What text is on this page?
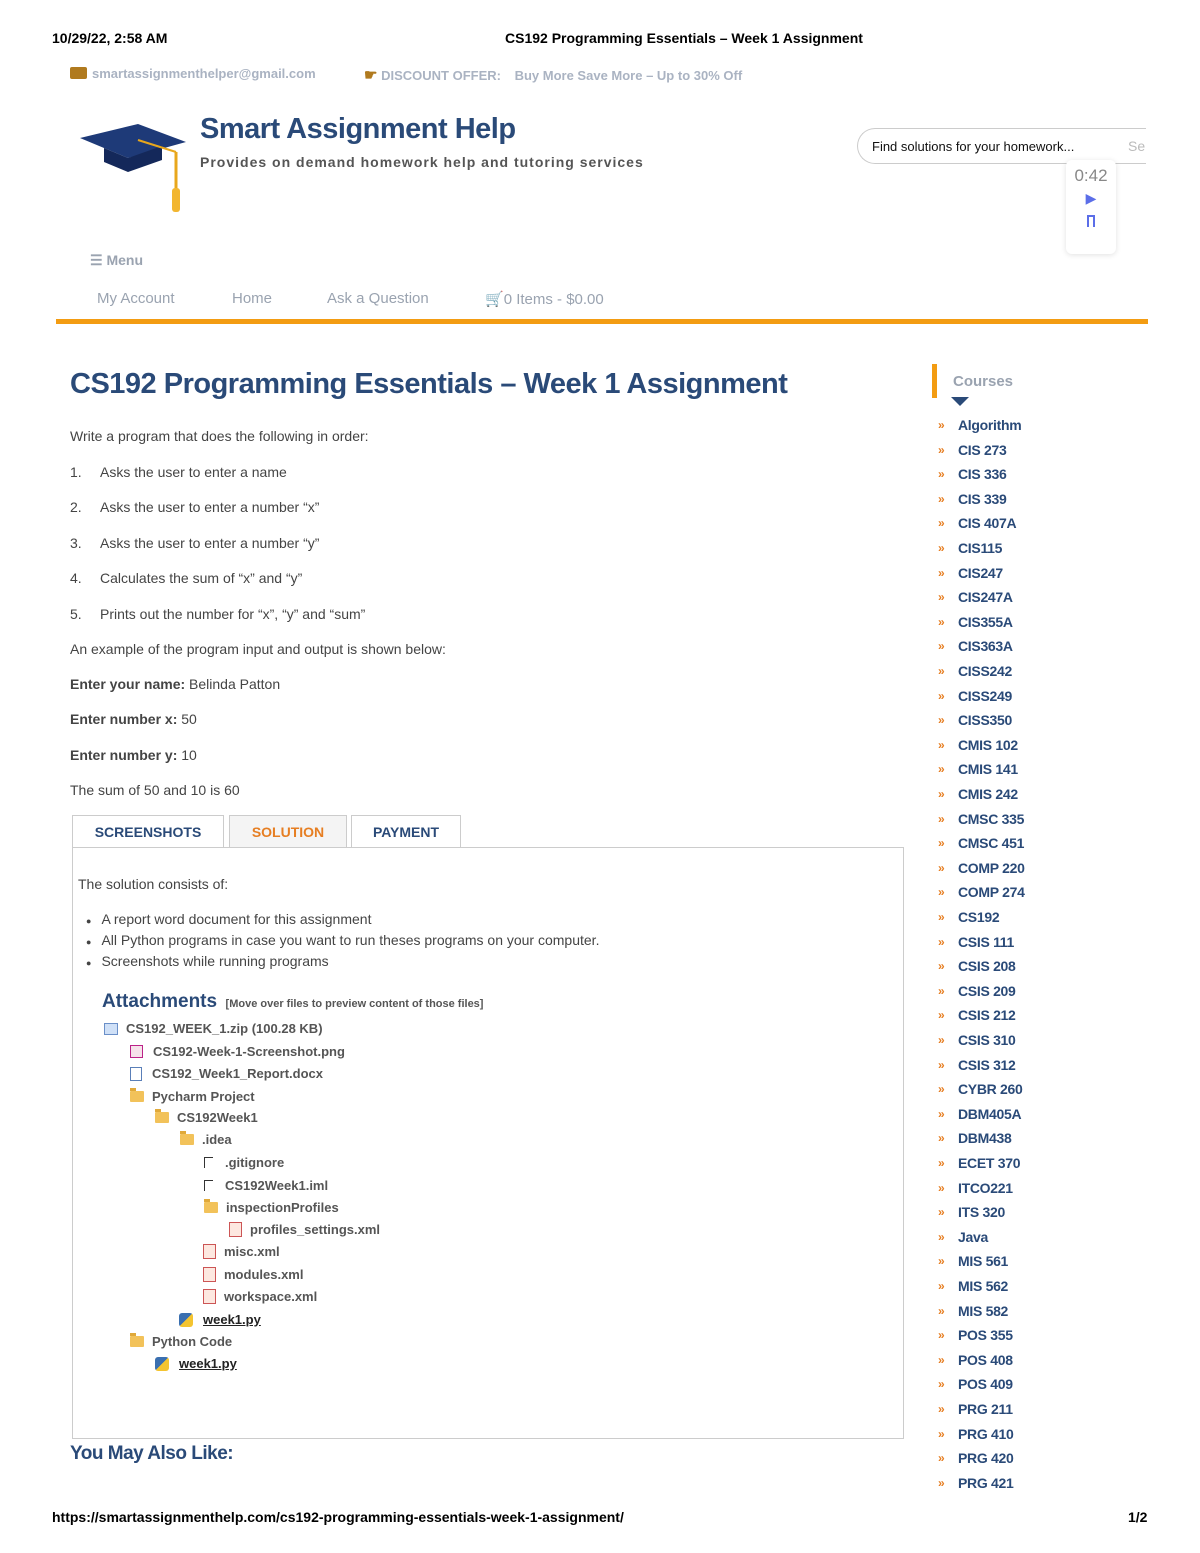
10/29/22, 2:58 AM	CS192 Programming Essentials – Week 1 Assignment
smartassignmenthelper@gmail.com	☛ DISCOUNT OFFER: Buy More Save More – Up to 30% Off
Smart Assignment Help
Provides on demand homework help and tutoring services
Find solutions for your homework...	Se
0:42
▶
☰ Menu
My Account	Home	Ask a Question	🛒0 Items - $0.00
CS192 Programming Essentials – Week 1 Assignment
Write a program that does the following in order:
1. Asks the user to enter a name
2. Asks the user to enter a number “x”
3. Asks the user to enter a number “y”
4. Calculates the sum of “x” and “y”
5. Prints out the number for “x”, “y” and “sum”
An example of the program input and output is shown below:
Enter your name: Belinda Patton
Enter number x: 50
Enter number y: 10
The sum of 50 and 10 is 60
SCREENSHOTS	SOLUTION	PAYMENT
The solution consists of:
● A report word document for this assignment
● All Python programs in case you want to run theses programs on your computer.
● Screenshots while running programs
Attachments [Move over files to preview content of those files]
CS192_WEEK_1.zip (100.28 KB)
CS192-Week-1-Screenshot.png
CS192_Week1_Report.docx
Pycharm Project
CS192Week1
.idea
.gitignore
CS192Week1.iml
inspectionProfiles
profiles_settings.xml
misc.xml
modules.xml
workspace.xml
week1.py
Python Code
week1.py
You May Also Like:
Courses
» Algorithm
» CIS 273
» CIS 336
» CIS 339
» CIS 407A
» CIS115
» CIS247
» CIS247A
» CIS355A
» CIS363A
» CISS242
» CISS249
» CISS350
» CMIS 102
» CMIS 141
» CMIS 242
» CMSC 335
» CMSC 451
» COMP 220
» COMP 274
» CS192
» CSIS 111
» CSIS 208
» CSIS 209
» CSIS 212
» CSIS 310
» CSIS 312
» CYBR 260
» DBM405A
» DBM438
» ECET 370
» ITCO221
» ITS 320
» Java
» MIS 561
» MIS 562
» MIS 582
» POS 355
» POS 408
» POS 409
» PRG 211
» PRG 410
» PRG 420
» PRG 421
https://smartassignmenthelp.com/cs192-programming-essentials-week-1-assignment/	1/2
